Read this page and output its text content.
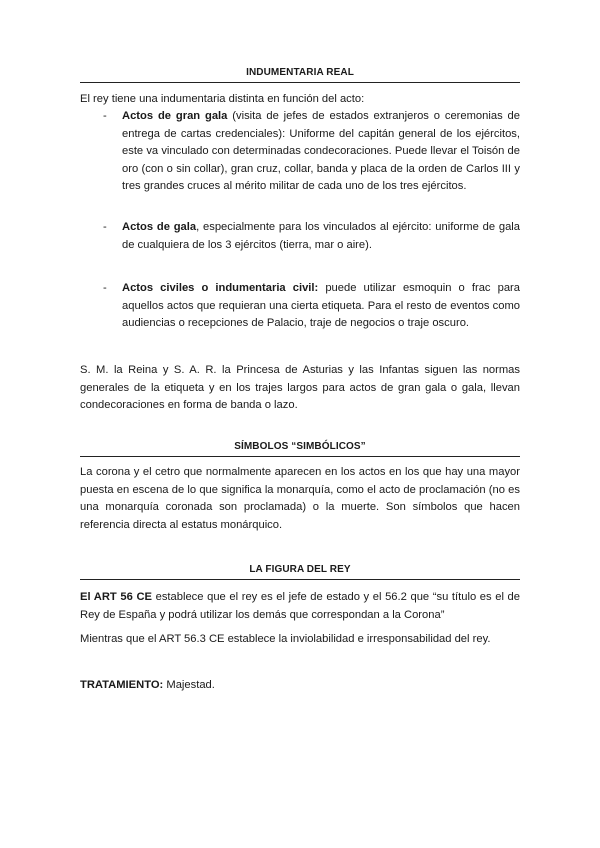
INDUMENTARIA REAL

El rey tiene una indumentaria distinta en función del acto:

- Actos de gran gala (visita de jefes de estados extranjeros o ceremonias de entrega de cartas credenciales): Uniforme del capitán general de los ejércitos, este va vinculado con determinadas condecoraciones. Puede llevar el Toisón de oro (con o sin collar), gran cruz, collar, banda y placa de la orden de Carlos III y tres grandes cruces al mérito militar de cada uno de los tres ejércitos.
- Actos de gala, especialmente para los vinculados al ejército: uniforme de gala de cualquiera de los 3 ejércitos (tierra, mar o aire).
- Actos civiles o indumentaria civil: puede utilizar esmoquin o frac para aquellos actos que requieran una cierta etiqueta. Para el resto de eventos como audiencias o recepciones de Palacio, traje de negocios o traje oscuro.

S. M. la Reina y S. A. R. la Princesa de Asturias y las Infantas siguen las normas generales de la etiqueta y en los trajes largos para actos de gran gala o gala, llevan condecoraciones en forma de banda o lazo.

SÍMBOLOS “SIMBÓLICOS”

La corona y el cetro que normalmente aparecen en los actos en los que hay una mayor puesta en escena de lo que significa la monarquía, como el acto de proclamación (no es una monarquía coronada son proclamada) o la muerte. Son símbolos que hacen referencia directa al estatus monárquico.

LA FIGURA DEL REY

El ART 56 CE establece que el rey es el jefe de estado y el 56.2 que “su título es el de Rey de España y podrá utilizar los demás que correspondan a la Corona”

Mientras que el ART 56.3 CE establece la inviolabilidad e irresponsabilidad del rey.

TRATAMIENTO: Majestad.
